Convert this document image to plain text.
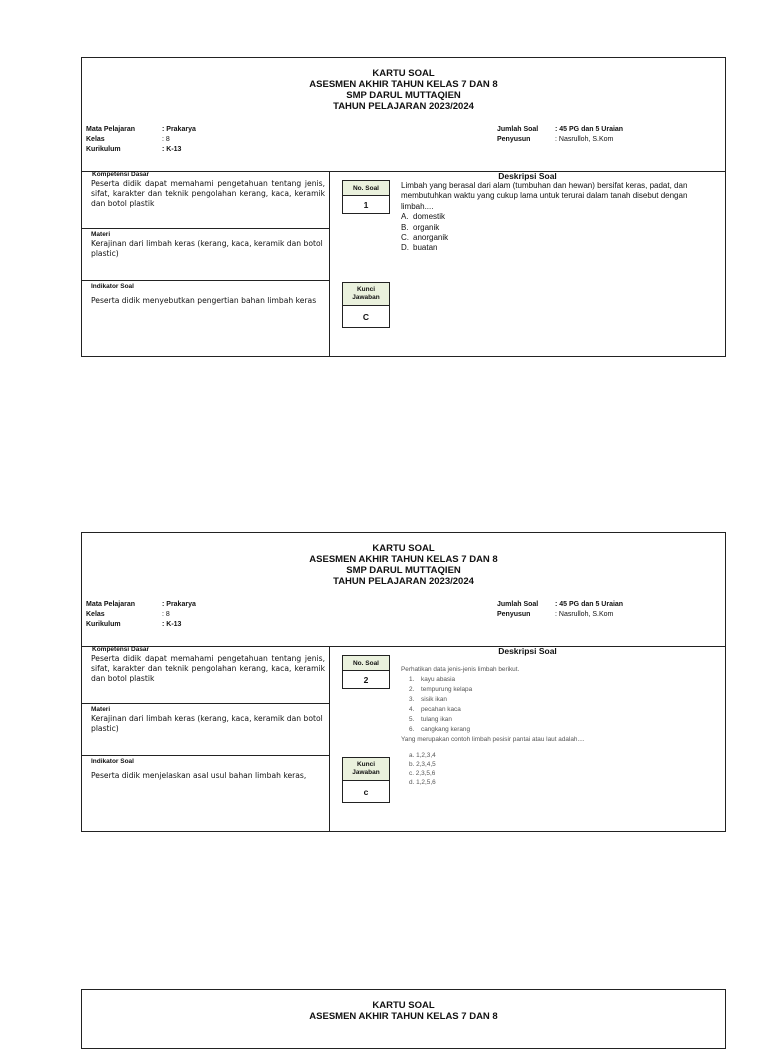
KARTU SOAL
ASESMEN AKHIR TAHUN KELAS 7 DAN 8
SMP DARUL MUTTAQIEN
TAHUN PELAJARAN 2023/2024
Mata Pelajaran	: Prakarya
Kelas	: 8
Kurikulum	: K-13
Jumlah Soal	: 45 PG dan 5 Uraian
Penyusun	: Nasrulloh, S.Kom
Kompetensi Dasar
Peserta didik dapat memahami pengetahuan tentang jenis, sifat, karakter dan teknik pengolahan kerang, kaca, keramik dan botol plastik
Materi
Kerajinan dari limbah keras (kerang, kaca, keramik dan botol plastic)
Indikator Soal
Peserta didik menyebutkan pengertian bahan limbah keras
No. Soal
1
Kunci
Jawaban
C
Deskripsi Soal
Limbah yang berasal dari alam (tumbuhan dan hewan) bersifat keras, padat, dan membutuhkan waktu yang cukup lama untuk terurai dalam tanah disebut dengan limbah....
A. domestik
B. organik
C. anorganik
D. buatan
KARTU SOAL
ASESMEN AKHIR TAHUN KELAS 7 DAN 8
SMP DARUL MUTTAQIEN
TAHUN PELAJARAN 2023/2024
Mata Pelajaran	: Prakarya
Kelas	: 8
Kurikulum	: K-13
Jumlah Soal	: 45 PG dan 5 Uraian
Penyusun	: Nasrulloh, S.Kom
Kompetensi Dasar
Peserta didik dapat memahami pengetahuan tentang jenis, sifat, karakter dan teknik pengolahan kerang, kaca, keramik dan botol plastik
Materi
Kerajinan dari limbah keras (kerang, kaca, keramik dan botol plastic)
Indikator Soal
Peserta didik menjelaskan asal usul bahan limbah keras,
No. Soal
2
Kunci
Jawaban
c
Deskripsi Soal
Perhatikan data jenis-jenis limbah berikut.
1.	kayu abasia
2.	tempurung kelapa
3.	sisik ikan
4.	pecahan kaca
5.	tulang ikan
6.	cangkang kerang
Yang merupakan contoh limbah pesisir pantai atau laut adalah....
a. 1,2,3,4
b. 2,3,4,5
c. 2,3,5,6
d. 1,2,5,6
KARTU SOAL
ASESMEN AKHIR TAHUN KELAS 7 DAN 8
